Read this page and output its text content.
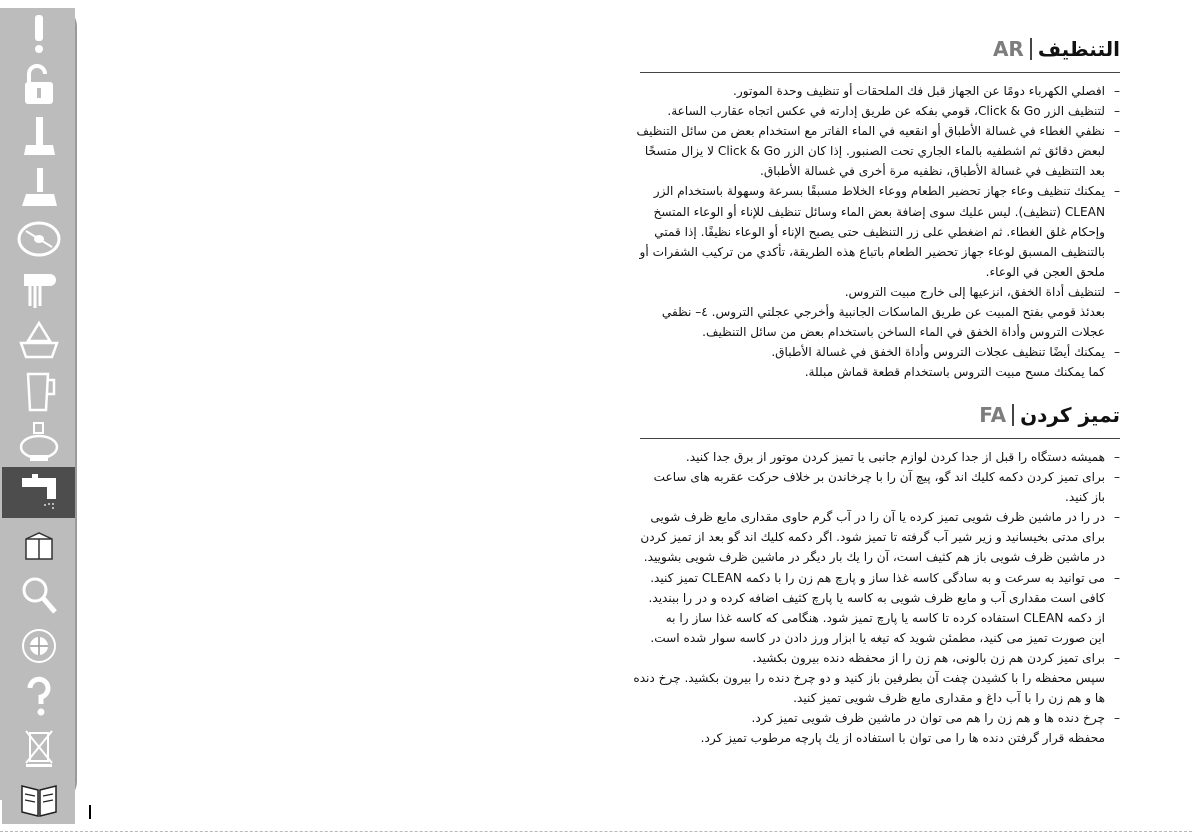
التنظيف
AR
– افصلي الكهرباء دومًا عن الجهاز قبل فك الملحقات أو تنظيف وحدة الموتور.
– لتنظيف الزر Click & Go، قومي بفكه عن طريق إدارته في عكس اتجاه عقارب الساعة.
– نظفي الغطاء في غسالة الأطباق أو انقعيه في الماء الفاتر مع استخدام بعض من سائل التنظيف
لبعض دقائق ثم اشطفيه بالماء الجاري تحت الصنبور. إذا كان الزر Click & Go لا يزال متسخًا
بعد التنظيف في غسالة الأطباق، نظفيه مرة أخرى في غسالة الأطباق.
– يمكنك تنظيف وعاء جهاز تحضير الطعام ووعاء الخلاط مسبقًا بسرعة وسهولة باستخدام الزر
CLEAN (تنظيف). ليس عليك سوى إضافة بعض الماء وسائل تنظيف للإناء أو الوعاء المتسخ
وإحكام غلق الغطاء. ثم اضغطي على زر التنظيف حتى يصبح الإناء أو الوعاء نظيفًا. إذا قمتي
بالتنظيف المسبق لوعاء جهاز تحضير الطعام باتباع هذه الطريقة، تأكدي من تركيب الشفرات أو
ملحق العجن في الوعاء.
– لتنظيف أداة الخفق، انزعيها إلى خارج مبيت التروس.
بعدئذ قومي بفتح المبيت عن طريق الماسكات الجانبية وأخرجي عجلتي التروس. ٤– نظفي
عجلات التروس وأداة الخفق في الماء الساخن باستخدام بعض من سائل التنظيف.
– يمكنك أيضًا تنظيف عجلات التروس وأداة الخفق في غسالة الأطباق.
كما يمكنك مسح مبيت التروس باستخدام قطعة قماش مبللة.
تميز كردن
FA
– هميشه دستگاه را قبل از جدا كردن لوازم جانبی يا تميز كردن موتور از برق جدا كنيد.
– برای تميز كردن دكمه كليك اند گو، پيچ آن را با چرخاندن بر خلاف حركت عقربه های ساعت
باز كنيد.
– در را در ماشين ظرف شويی تميز كرده يا آن را در آب گرم حاوی مقداری مايع ظرف شويی
برای مدتی بخيسانيد و زير شير آب گرفته تا تميز شود. اگر دكمه كليك اند گو بعد از تميز كردن
در ماشين ظرف شويی باز هم كثيف است، آن را يك بار ديگر در ماشين ظرف شويی بشوييد.
– می توانيد به سرعت و به سادگی كاسه غذا ساز و پارچ هم زن را با دكمه CLEAN تميز كنيد.
كافی است مقداری آب و مايع ظرف شويی به كاسه يا پارچ كثيف اضافه كرده و در را ببنديد.
از دكمه CLEAN استفاده كرده تا كاسه يا پارچ تميز شود. هنگامی كه كاسه غذا ساز را به
اين صورت تميز می كنيد، مطمئن شويد كه تيغه يا ابزار ورز دادن در كاسه سوار شده است.
– برای تميز كردن هم زن بالونی، هم زن را از محفظه دنده بيرون بكشيد.
سپس محفظه را با كشيدن چفت آن بطرفين باز كنيد و دو چرخ دنده را بيرون بكشيد. چرخ دنده
ها و هم زن را با آب داغ و مقداری مايع ظرف شويی تميز كنيد.
– چرخ دنده ها و هم زن را هم می توان در ماشين ظرف شويی تميز كرد.
محفظه قرار گرفتن دنده ها را می توان با استفاده از يك پارچه مرطوب تميز كرد.
